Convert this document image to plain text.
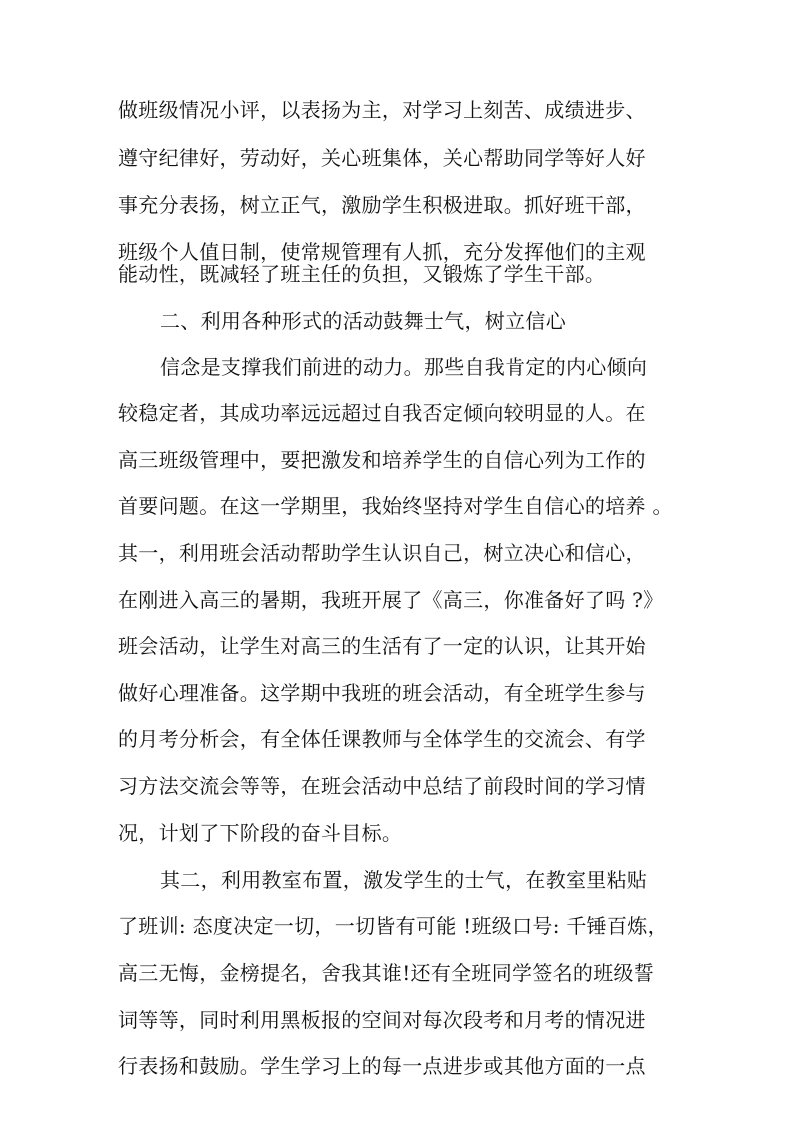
做班级情况小评，以表扬为主，对学习上刻苦、成绩进步、
遵守纪律好，劳动好，关心班集体，关心帮助同学等好人好
事充分表扬，树立正气，激励学生积极进取。抓好班干部，
班级个人值日制，使常规管理有人抓，充分发挥他们的主观
能动性，既减轻了班主任的负担，又锻炼了学生干部。
二、利用各种形式的活动鼓舞士气，树立信心
信念是支撑我们前进的动力。那些自我肯定的内心倾向
较稳定者，其成功率远远超过自我否定倾向较明显的人。在
高三班级管理中，要把激发和培养学生的自信心列为工作的
首要问题。在这一学期里，我始终坚持对学生自信心的培养 。
其一，利用班会活动帮助学生认识自己，树立决心和信心，
在刚进入高三的暑期，我班开展了《高三，你准备好了吗 ?》
班会活动，让学生对高三的生活有了一定的认识，让其开始
做好心理准备。这学期中我班的班会活动，有全班学生参与
的月考分析会，有全体任课教师与全体学生的交流会、有学
习方法交流会等等，在班会活动中总结了前段时间的学习情
况，计划了下阶段的奋斗目标。
其二，利用教室布置，激发学生的士气，在教室里粘贴
了班训: 态度决定一切，一切皆有可能 !班级口号: 千锤百炼，
高三无悔，金榜提名，舍我其谁!还有全班同学签名的班级誓
词等等，同时利用黑板报的空间对每次段考和月考的情况进
行表扬和鼓励。学生学习上的每一点进步或其他方面的一点
